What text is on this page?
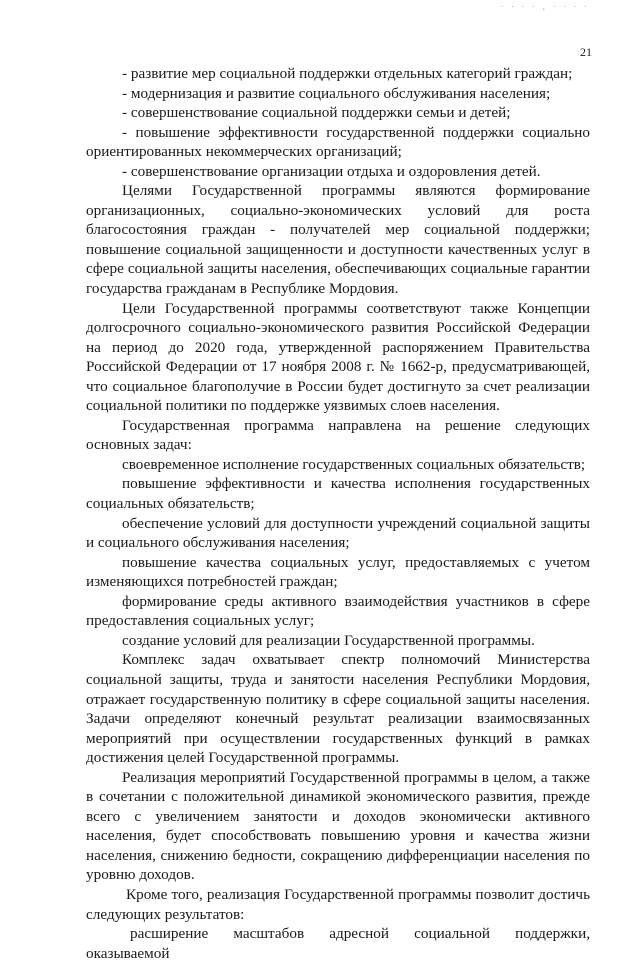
· · · · , · · · ·
21

- развитие мер социальной поддержки отдельных категорий граждан;

- модернизация и развитие социального обслуживания населения;

- совершенствование социальной поддержки семьи и детей;

- повышение эффективности государственной поддержки социально ориентированных некоммерческих организаций;

- совершенствование организации отдыха и оздоровления детей.

Целями Государственной программы являются формирование организационных, социально-экономических условий для роста благосостояния граждан - получателей мер социальной поддержки; повышение социальной защищенности и доступности качественных услуг в сфере социальной защиты населения, обеспечивающих социальные гарантии государства гражданам в Республике Мордовия.

Цели Государственной программы соответствуют также Концепции долгосрочного социально-экономического развития Российской Федерации на период до 2020 года, утвержденной распоряжением Правительства Российской Федерации от 17 ноября 2008 г. № 1662-р, предусматривающей, что социальное благополучие в России будет достигнуто за счет реализации социальной политики по поддержке уязвимых слоев населения.

Государственная программа направлена на решение следующих основных задач:

своевременное исполнение государственных социальных обязательств;

повышение эффективности и качества исполнения государственных социальных обязательств;

обеспечение условий для доступности учреждений социальной защиты и социального обслуживания населения;

повышение качества социальных услуг, предоставляемых с учетом изменяющихся потребностей граждан;

формирование среды активного взаимодействия участников в сфере предоставления социальных услуг;

создание условий для реализации Государственной программы.

Комплекс задач охватывает спектр полномочий Министерства социальной защиты, труда и занятости населения Республики Мордовия, отражает государственную политику в сфере социальной защиты населения. Задачи определяют конечный результат реализации взаимосвязанных мероприятий при осуществлении государственных функций в рамках достижения целей Государственной программы.

Реализация мероприятий Государственной программы в целом, а также в сочетании с положительной динамикой экономического развития, прежде всего с увеличением занятости и доходов экономически активного населения, будет способствовать повышению уровня и качества жизни населения, снижению бедности, сокращению дифференциации населения по уровню доходов.

Кроме того, реализация Государственной программы позволит достичь следующих результатов:

расширение масштабов адресной социальной поддержки, оказываемой
